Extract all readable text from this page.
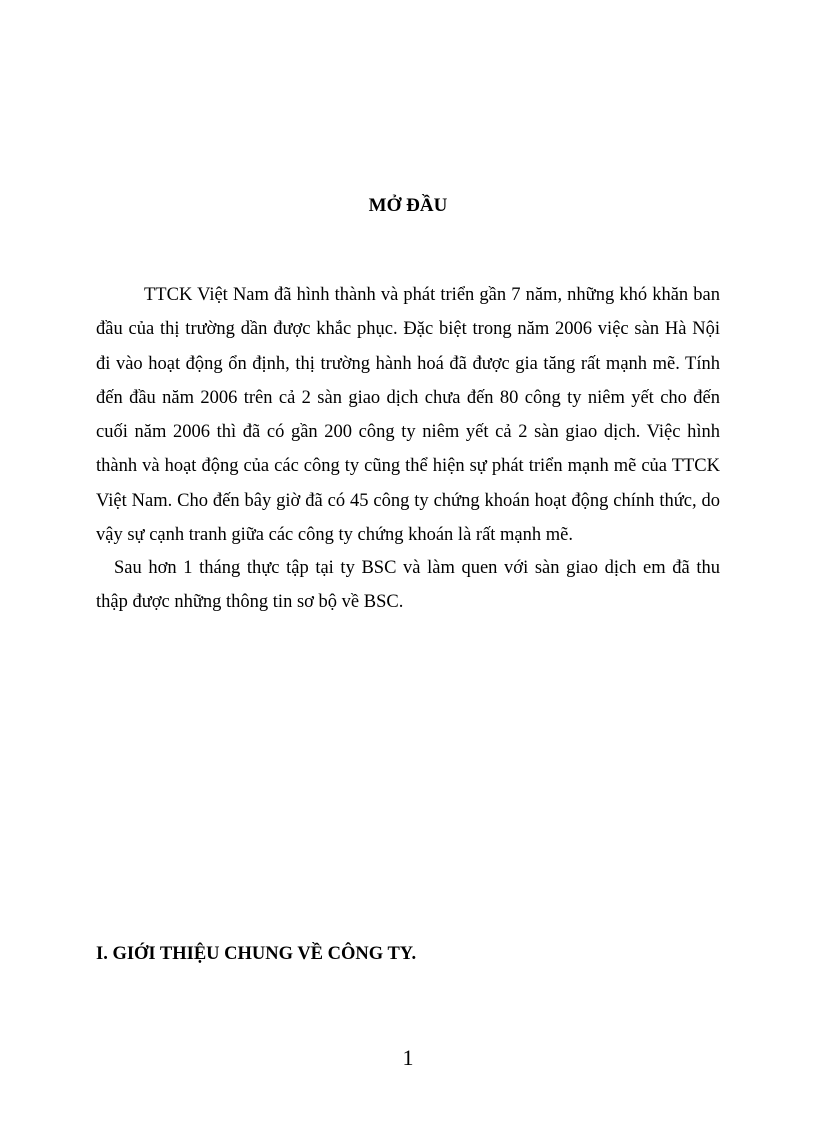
MỞ ĐẦU

TTCK Việt Nam đã hình thành và phát triển gần 7 năm, những khó khăn ban đầu của thị trường dần được khắc phục. Đặc biệt trong năm 2006 việc sàn Hà Nội đi vào hoạt động ổn định, thị trường hành hoá đã được gia tăng rất mạnh mẽ. Tính đến đầu năm 2006 trên cả 2 sàn giao dịch chưa đến 80 công ty niêm yết cho đến cuối năm 2006 thì đã có gần 200 công ty niêm yết cả 2 sàn giao dịch. Việc hình thành và hoạt động của các công ty cũng thể hiện sự phát triển mạnh mẽ của TTCK Việt Nam. Cho đến bây giờ đã có 45 công ty chứng khoán hoạt động chính thức, do vậy sự cạnh tranh giữa các công ty chứng khoán là rất mạnh mẽ.

Sau hơn 1 tháng thực tập tại ty BSC và làm quen với sàn giao dịch em đã thu thập được những thông tin sơ bộ về BSC.

I. GIỚI THIỆU CHUNG VỀ CÔNG TY.
1
